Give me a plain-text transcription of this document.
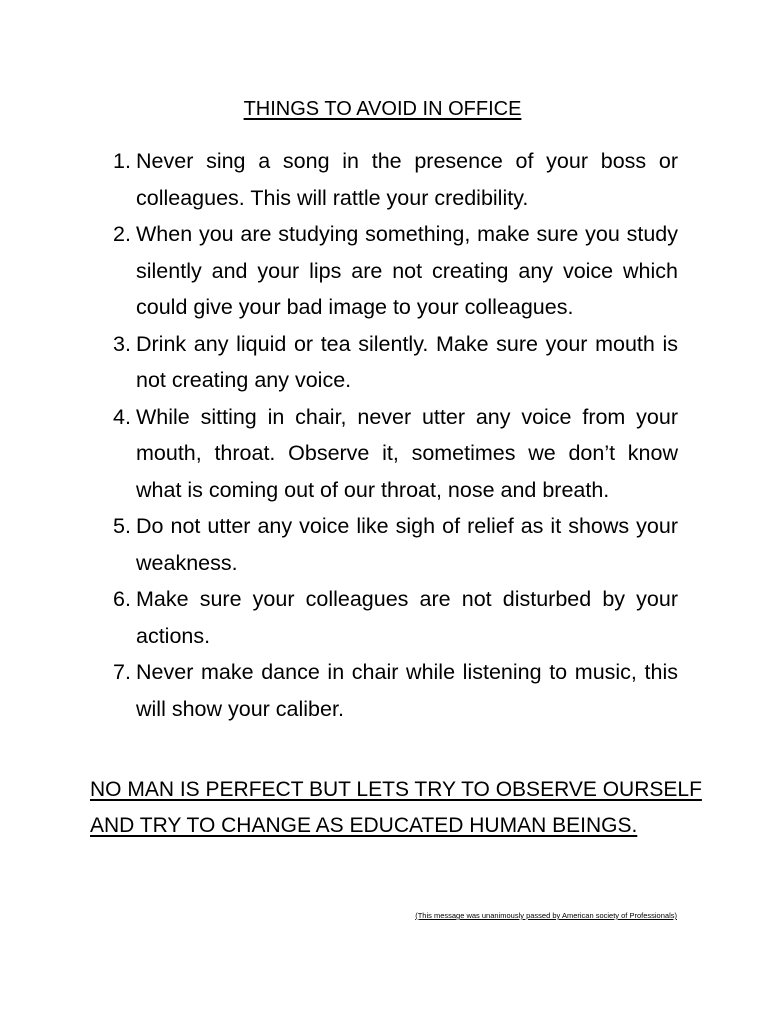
THINGS TO AVOID IN OFFICE
1. Never sing a song in the presence of your boss or colleagues. This will rattle your credibility.
2. When you are studying something, make sure you study silently and your lips are not creating any voice which could give your bad image to your colleagues.
3. Drink any liquid or tea silently. Make sure your mouth is not creating any voice.
4. While sitting in chair, never utter any voice from your mouth, throat. Observe it, sometimes we don’t know what is coming out of our throat, nose and breath.
5. Do not utter any voice like sigh of relief as it shows your weakness.
6. Make sure your colleagues are not disturbed by your actions.
7. Never make dance in chair while listening to music, this will show your caliber.
NO MAN IS PERFECT BUT LETS TRY TO OBSERVE OURSELF
AND TRY TO CHANGE AS EDUCATED HUMAN BEINGS.
(This message was unanimously passed by American society of Professionals)
